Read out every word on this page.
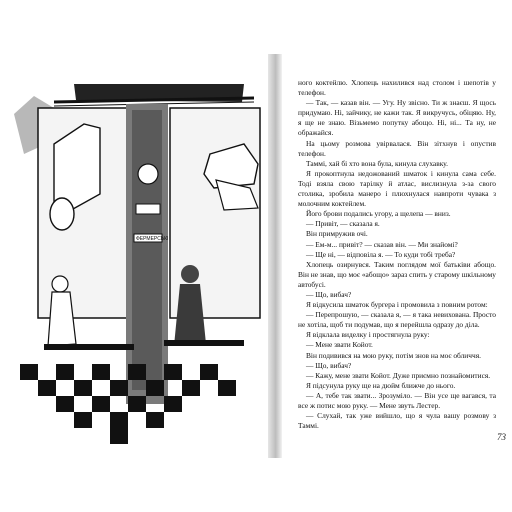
ФЕРМЕРСЬКІ

ного коктейлю. Хлопець нахилився над столом і шепотів у телефон.

— Так, — казав він. — Угу. Ну звісно. Ти ж знаєш. Я щось придумаю. Ні, зайчику, не кажи так. Я викручусь, обіцяю. Ну, я ще не знаю. Візьмемо попутку абощо. Ні, ні... Та ну, не ображайся.

На цьому розмова увірвалася. Він зітхнув і опустив телефон.

Таммі, хай бі хто вона була, кинула слухавку.

Я прокоптнула недожований шматок і кинула сама себе. Тоді взяла свою тарілку й атлас, вислизнула з-за свого столика, зробила манерo і плюхнулася навпроти чувака з молочним коктейлем.

Його брови подались угору, а щелепа — вниз.

— Привіт, — сказала я.

Він примружив очі.

— Ем-м... привіт? — сказав він. — Ми знайомі?

— Ще ні, — відповіла я. — То куди тобі треба?

Хлопець озирнувся. Таким поглядом мої батьківи абощо. Він не знав, що моє «абощо» зараз спить у старому шкільному автобусі.

— Що, вибач?

Я відкусила шматок бургера і промовила з повним ротом:

— Перепрошую, — сказала я, — я така невихована. Просто не хотіла, щоб ти подумав, що я перейшла одразу до діла.

Я відклала виделку і простягнула руку:

— Мене звати Койот.

Він подивився на мою руку, потім знов на моє обличчя.

— Що, вибач?

— Кажу, мене звати Койот. Дуже приємно познайомитися.

Я підсунула руку ще на дюйм ближче до нього.

— А, тебе так звати... Зрозуміло. — Він усе ще вагався, та все ж потис мою руку. — Мене звуть Лестер.

— Слухай, так уже вийшло, що я чула вашу розмову з Таммі.

73
